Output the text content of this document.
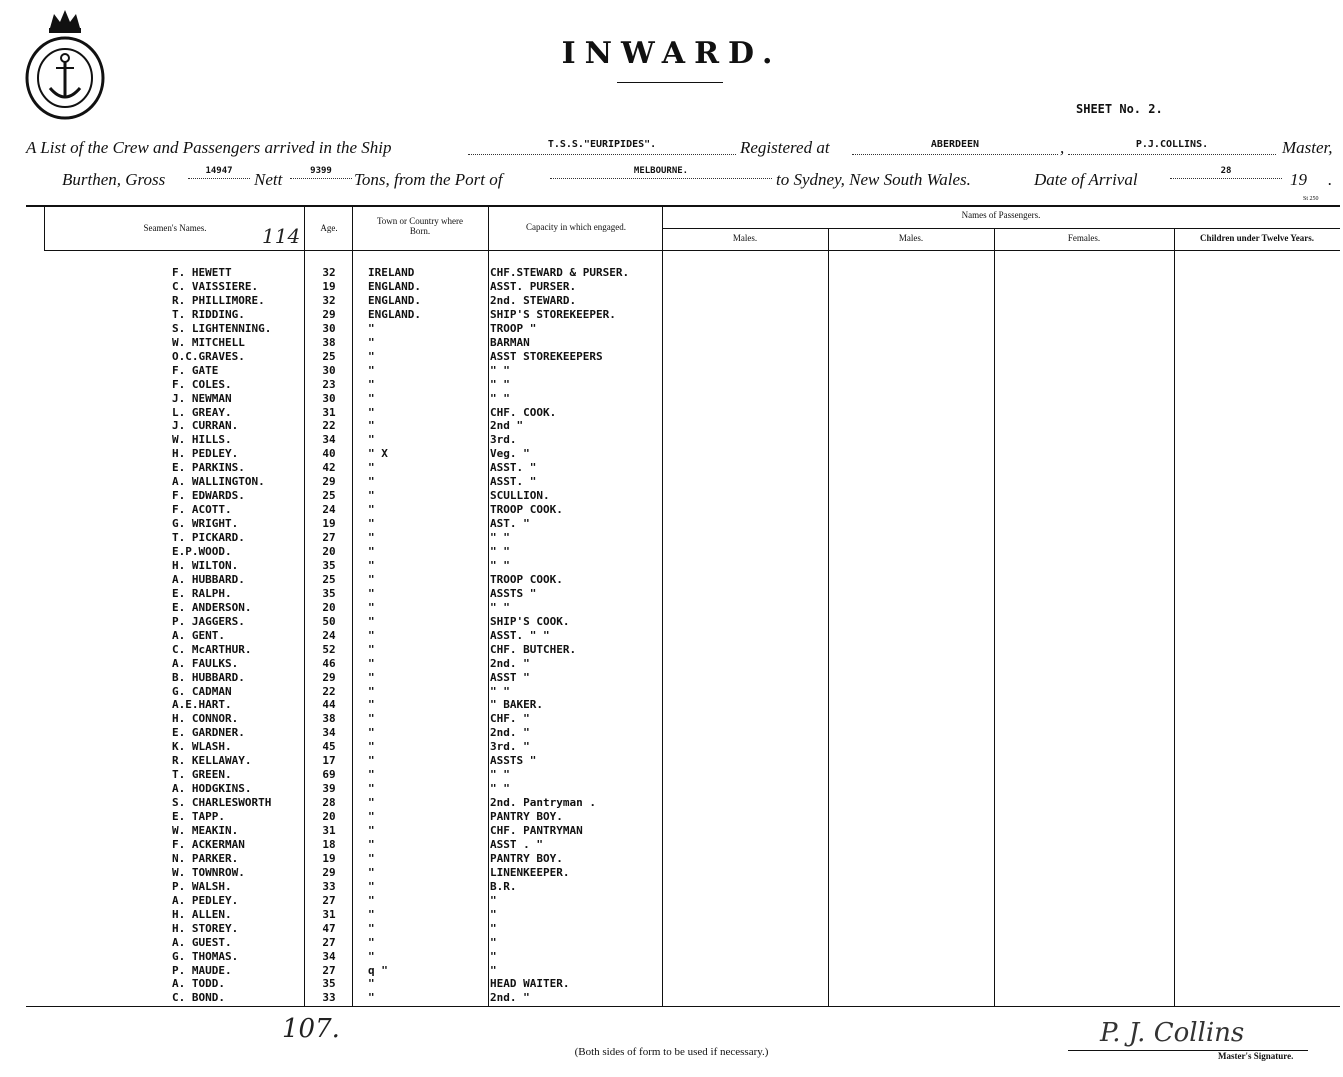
INWARD.
SHEET No. 2.
A List of the Crew and Passengers arrived in the Ship	T.S.S."EURIPIDES".	Registered at	ABERDEEN	,	P.J.COLLINS.	Master,
Burthen, Gross	14947	Nett	9399	Tons, from the Port of	MELBOURNE.	to Sydney, New South Wales.	Date of Arrival	28	19 .
St 250
Seamen's Names.	114	Age.
Town or Country where Born.	Capacity in which engaged.
Names of Passengers.
Males.	Males.	Females.	Children under Twelve Years.
F. HEWETT	32	IRELAND	CHF.STEWARD & PURSER.
C. VAISSIERE.	19	ENGLAND.	ASST. PURSER.
R. PHILLIMORE.	32	ENGLAND.	2nd. STEWARD.
T. RIDDING.	29	ENGLAND.	SHIP'S STOREKEEPER.
S. LIGHTENNING.	30	"	TROOP "
W. MITCHELL	38	"	BARMAN
O.C.GRAVES.	25	"	ASST STOREKEEPERS
F. GATE	30	"	" "
F. COLES.	23	"	" "
J. NEWMAN	30	"	" "
L. GREAY.	31	"	CHF. COOK.
J. CURRAN.	22	"	2nd "
W. HILLS.	34	"	3rd.
H. PEDLEY.	40	" X	Veg. "
E. PARKINS.	42	"	ASST. "
A. WALLINGTON.	29	"	ASST. "
F. EDWARDS.	25	"	SCULLION.
F. ACOTT.	24	"	TROOP COOK.
G. WRIGHT.	19	"	AST. "
T. PICKARD.	27	"	" "
E.P.WOOD.	20	"	" "
H. WILTON.	35	"	" "
A. HUBBARD.	25	"	TROOP COOK.
E. RALPH.	35	"	ASSTS "
E. ANDERSON.	20	"	" "
P. JAGGERS.	50	"	SHIP'S COOK.
A. GENT.	24	"	ASST. " "
C. McARTHUR.	52	"	CHF. BUTCHER.
A. FAULKS.	46	"	2nd. "
B. HUBBARD.	29	"	ASST "
G. CADMAN	22	"	" "
A.E.HART.	44	"	" BAKER.
H. CONNOR.	38	"	CHF. "
E. GARDNER.	34	"	2nd. "
K. WLASH.	45	"	3rd. "
R. KELLAWAY.	17	"	ASSTS "
T. GREEN.	69	"	" "
A. HODGKINS.	39	"	" "
S. CHARLESWORTH	28	"	2nd. Pantryman .
E. TAPP.	20	"	PANTRY BOY.
W. MEAKIN.	31	"	CHF. PANTRYMAN
F. ACKERMAN	18	"	ASST . "
N. PARKER.	19	"	PANTRY BOY.
W. TOWNROW.	29	"	LINENKEEPER.
P. WALSH.	33	"	B.R.
A. PEDLEY.	27	"	"
H. ALLEN.	31	"	"
H. STOREY.	47	"	"
A. GUEST.	27	"	"
G. THOMAS.	34	"	"
P. MAUDE.	27	q "	"
A. TODD.	35	"	HEAD WAITER.
C. BOND.	33	"	2nd. "
107.
(Both sides of form to be used if necessary.)
P. J. Collins
Master's Signature.
